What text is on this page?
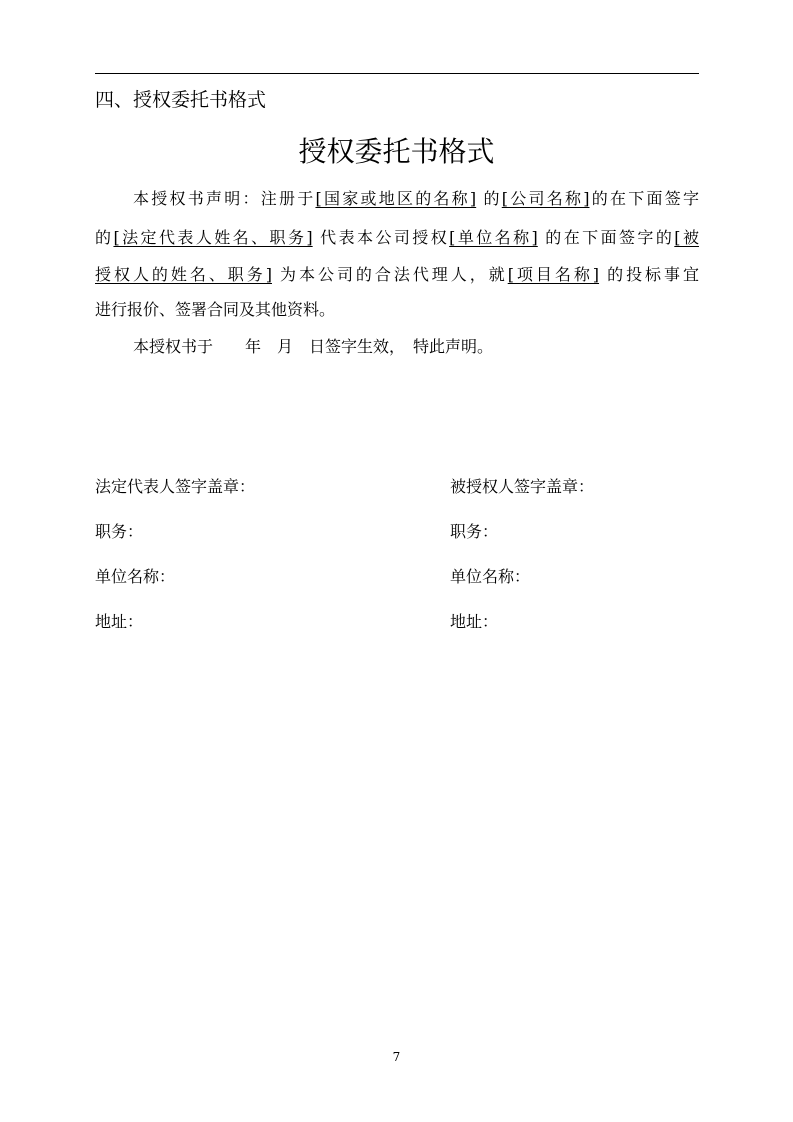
四、授权委托书格式
授权委托书格式
本授权书声明：注册于[国家或地区的名称] 的[公司名称]的在下面签字
的[法定代表人姓名、职务] 代表本公司授权[单位名称] 的在下面签字的[被
授权人的姓名、职务] 为本公司的合法代理人，就[项目名称] 的投标事宜
进行报价、签署合同及其他资料。
本授权书于　　年　月　日签字生效，　特此声明。
法定代表人签字盖章：
职务：
单位名称：
地址：
被授权人签字盖章：
职务：
单位名称：
地址：
7
